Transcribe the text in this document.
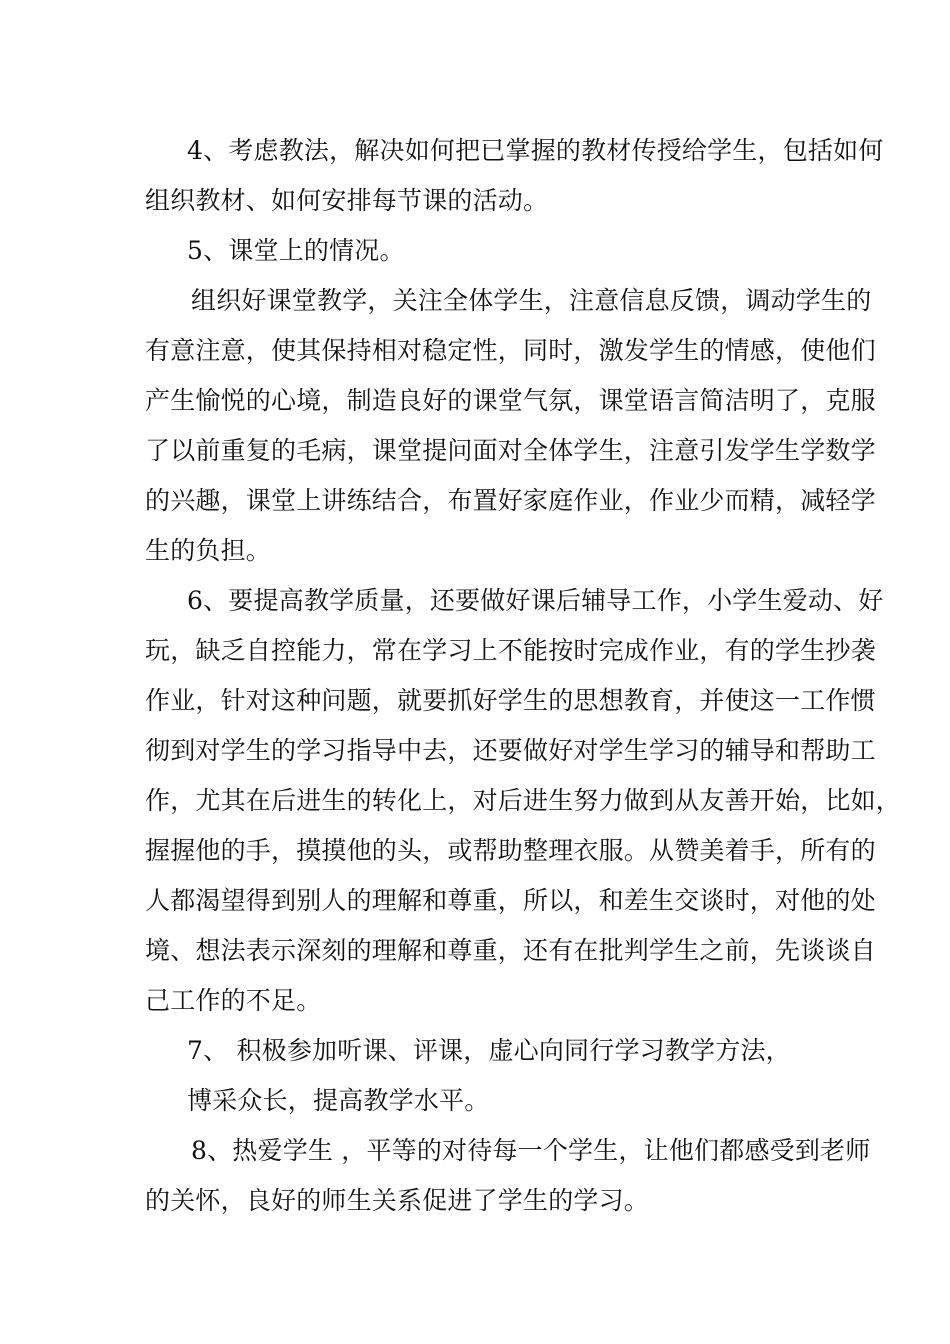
4、考虑教法，解决如何把已掌握的教材传授给学生，包括如何
组织教材、如何安排每节课的活动。
5、课堂上的情况。
组织好课堂教学，关注全体学生，注意信息反馈，调动学生的
有意注意，使其保持相对稳定性，同时，激发学生的情感，使他们
产生愉悦的心境，制造良好的课堂气氛，课堂语言简洁明了，克服
了以前重复的毛病，课堂提问面对全体学生，注意引发学生学数学
的兴趣，课堂上讲练结合，布置好家庭作业，作业少而精，减轻学
生的负担。
6、要提高教学质量，还要做好课后辅导工作，小学生爱动、好
玩，缺乏自控能力，常在学习上不能按时完成作业，有的学生抄袭
作业，针对这种问题，就要抓好学生的思想教育，并使这一工作惯
彻到对学生的学习指导中去，还要做好对学生学习的辅导和帮助工
作，尤其在后进生的转化上，对后进生努力做到从友善开始，比如，
握握他的手，摸摸他的头，或帮助整理衣服。从赞美着手，所有的
人都渴望得到别人的理解和尊重，所以，和差生交谈时，对他的处
境、想法表示深刻的理解和尊重，还有在批判学生之前，先谈谈自
己工作的不足。
7、 积极参加听课、评课，虚心向同行学习教学方法，
博采众长，提高教学水平。
8、热爱学生 ，平等的对待每一个学生，让他们都感受到老师
的关怀，良好的师生关系促进了学生的学习。
